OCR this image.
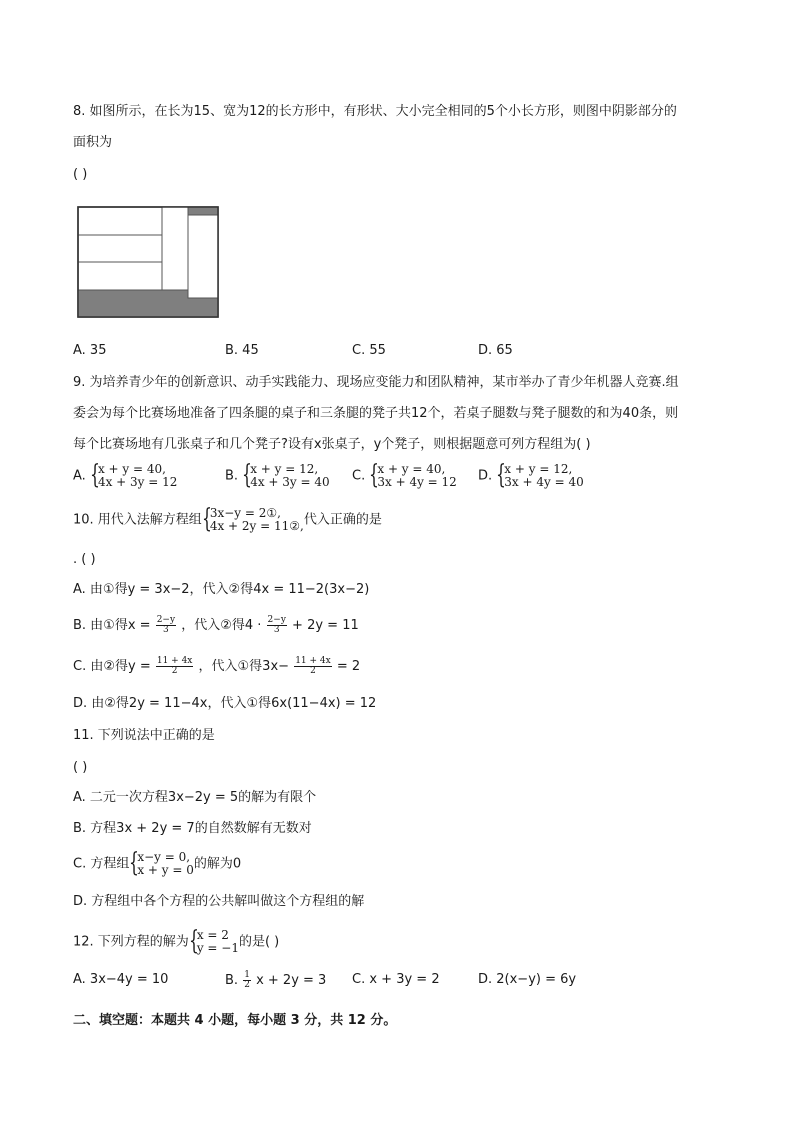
8. 如图所示，在长为15、宽为12的长方形中，有形状、大小完全相同的5个小长方形，则图中阴影部分的
面积为
( )
A. 35	B. 45	C. 55	D. 65
9. 为培养青少年的创新意识、动手实践能力、现场应变能力和团队精神，某市举办了青少年机器人竞赛.组
委会为每个比赛场地准备了四条腿的桌子和三条腿的凳子共12个，若桌子腿数与凳子腿数的和为40条，则
每个比赛场地有几张桌子和几个凳子?设有x张桌子，y个凳子，则根据题意可列方程组为( )
A. {
x + y = 40,
4x + 3y = 12	B. {
x + y = 12,
4x + 3y = 40 C. {
x + y = 40,
3x + 4y = 12 D. {
x + y = 12,
3x + 4y = 40
10. 用代入法解方程组 {
3x−y = 2①,
4x + 2y = 11②, 代入正确的是
. ( )
A. 由①得y = 3x−2，代入②得4x = 11−2(3x−2)
B. 由①得$x = \frac{2-y}{3}$ ，代入②得$4 \cdot \frac{2-y}{3} + 2y = 11$
C. 由②得$y = \frac{11 + 4x}{2}$ ，代入①得$3x- \frac{11 + 4x}{2} = 2$
D. 由②得2y = 11−4x，代入①得6x(11−4x) = 12
11. 下列说法中正确的是
( )
A. 二元一次方程3x−2y = 5的解为有限个
B. 方程3x + 2y = 7的自然数解有无数对
C. 方程组 {
x−y = 0,
x + y = 0 的解为0
D. 方程组中各个方程的公共解叫做这个方程组的解
12. 下列方程的解为 {
x = 2
y = −1 的是( )
A. 3x−4y = 10	B. $\frac{1}{2}$ x + 2y = 3 C. x + 3y = 2	D. 2(x−y) = 6y
二、填空题：本题共 4 小题，每小题 3 分，共 12 分。
